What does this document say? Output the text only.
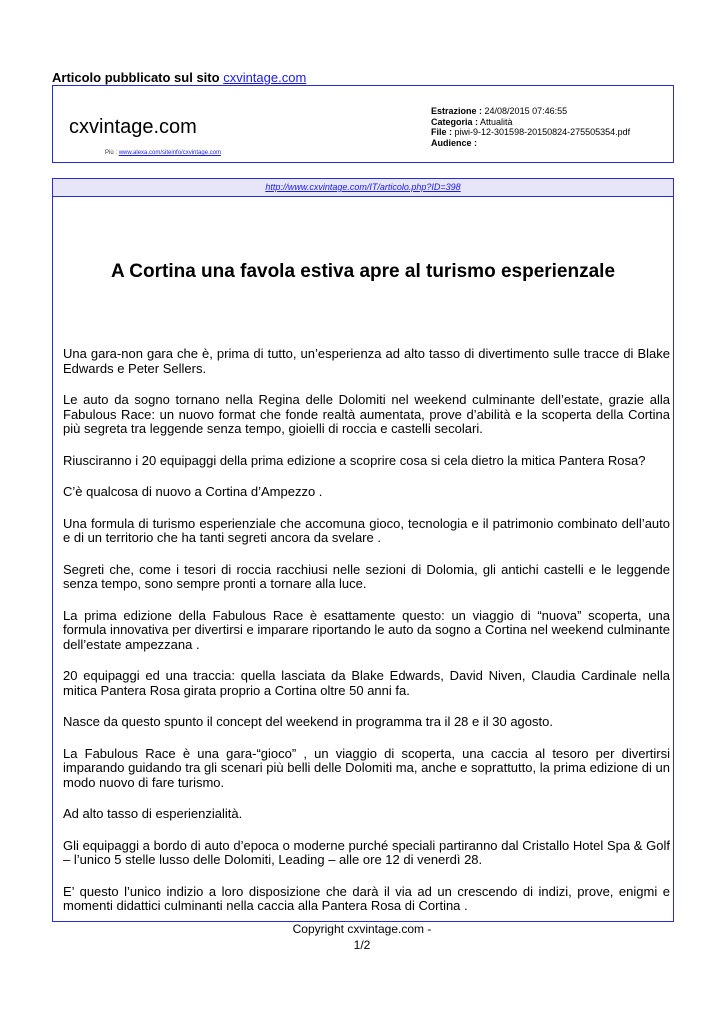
Articolo pubblicato sul sito cxvintage.com
cxvintage.com
Più : www.alexa.com/siteinfo/cxvintage.com
Estrazione : 24/08/2015 07:46:55
Categoria : Attualità
File : piwi-9-12-301598-20150824-275505354.pdf
Audience :
http://www.cxvintage.com/IT/articolo.php?ID=398
A Cortina una favola estiva apre al turismo esperienzale

Una gara-non gara che è, prima di tutto, un’esperienza ad alto tasso di divertimento sulle tracce di Blake Edwards e Peter Sellers.

Le auto da sogno tornano nella Regina delle Dolomiti nel weekend culminante dell’estate, grazie alla Fabulous Race: un nuovo format che fonde realtà aumentata, prove d’abilità e la scoperta della Cortina più segreta tra leggende senza tempo, gioielli di roccia e castelli secolari.

Riusciranno i 20 equipaggi della prima edizione a scoprire cosa si cela dietro la mitica Pantera Rosa?

C’è qualcosa di nuovo a Cortina d’Ampezzo .

Una formula di turismo esperienziale che accomuna gioco, tecnologia e il patrimonio combinato dell’auto e di un territorio che ha tanti segreti ancora da svelare .

Segreti che, come i tesori di roccia racchiusi nelle sezioni di Dolomia, gli antichi castelli e le leggende senza tempo, sono sempre pronti a tornare alla luce.

La prima edizione della Fabulous Race è esattamente questo: un viaggio di “nuova” scoperta, una formula innovativa per divertirsi e imparare riportando le auto da sogno a Cortina nel weekend culminante dell’estate ampezzana .

20 equipaggi ed una traccia: quella lasciata da Blake Edwards, David Niven, Claudia Cardinale nella mitica Pantera Rosa girata proprio a Cortina oltre 50 anni fa.

Nasce da questo spunto il concept del weekend in programma tra il 28 e il 30 agosto.

La Fabulous Race è una gara-“gioco” , un viaggio di scoperta, una caccia al tesoro per divertirsi imparando guidando tra gli scenari più belli delle Dolomiti ma, anche e soprattutto, la prima edizione di un modo nuovo di fare turismo.

Ad alto tasso di esperienzialità.

Gli equipaggi a bordo di auto d’epoca o moderne purché speciali partiranno dal Cristallo Hotel Spa & Golf – l’unico 5 stelle lusso delle Dolomiti, Leading – alle ore 12 di venerdì 28.

E’ questo l’unico indizio a loro disposizione che darà il via ad un crescendo di indizi, prove, enigmi e momenti didattici culminanti nella caccia alla Pantera Rosa di Cortina .

Copyright cxvintage.com -
1/2
